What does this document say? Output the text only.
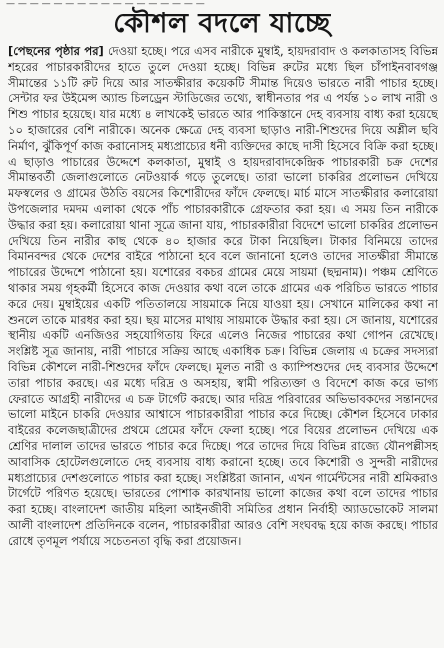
— — — — — — — — — — — — — — — — —
কৌশল বদলে যাচ্ছে

[পেছনের পৃষ্ঠার পর] দেওয়া হচ্ছে। পরে এসব নারীকে মুম্বাই, হায়দরাবাদ ও কলকাতাসহ বিভিন্ন শহরের পাচারকারীদের হাতে তুলে দেওয়া হচ্ছে। বিভিন্ন রুটের মধ্যে ছিল চাঁপাইনবাবগঞ্জ সীমান্তের ১১টি রুট দিয়ে আর সাতক্ষীরার কয়েকটি সীমান্ত দিয়েও ভারতে নারী পাচার হচ্ছে। সেন্টার ফর উইমেন্স অ্যান্ড চিলড্রেন স্টাডিজের তথ্যে, স্বাধীনতার পর এ পর্যন্ত ১০ লাখ নারী ও শিশু পাচার হয়েছে। যার মধ্যে ৪ লাখকেই ভারতে আর পাকিস্তানে দেহ ব্যবসায় বাধ্য করা হয়েছে ১০ হাজারের বেশি নারীকে। অনেক ক্ষেত্রে দেহ ব্যবসা ছাড়াও নারী-শিশুদের দিয়ে অশ্লীল ছবি নির্মাণ, ঝুঁকিপূর্ণ কাজ করানোসহ মধ্যপ্রাচ্যের ধনী ব্যক্তিদের কাছে দাসী হিসেবে বিক্রি করা হচ্ছে। এ ছাড়াও পাচারের উদ্দেশে কলকাতা, মুম্বাই ও হায়দরাবাদকেন্দ্রিক পাচারকারী চক্র দেশের সীমান্তবর্তী জেলাগুলোতে নেটওয়ার্ক গড়ে তুলেছে। তারা ভালো চাকরির প্রলোভন দেখিয়ে মফস্বলের ও গ্রামের উঠতি বয়সের কিশোরীদের ফাঁদে ফেলছে। মার্চ মাসে সাতক্ষীরার কলারোয়া উপজেলার দমদম এলাকা থেকে পাঁচ পাচারকারীকে গ্রেফতার করা হয়। এ সময় তিন নারীকে উদ্ধার করা হয়। কলারোয়া থানা সূত্রে জানা যায়, পাচারকারীরা বিদেশে ভালো চাকরির প্রলোভন দেখিয়ে তিন নারীর কাছ থেকে ৪০ হাজার করে টাকা নিয়েছিল। টাকার বিনিময়ে তাদের বিমানবন্দর থেকে দেশের বাইরে পাঠানো হবে বলে জানানো হলেও তাদের সাতক্ষীরা সীমান্তে পাচারের উদ্দেশে পাঠানো হয়। যশোরের বকচর গ্রামের মেয়ে সায়মা (ছদ্মনাম)। পঞ্চম শ্রেণিতে থাকার সময় গৃহকর্মী হিসেবে কাজ দেওয়ার কথা বলে তাকে গ্রামের এক পরিচিত ভারতে পাচার করে দেয়। মুম্বাইয়ের একটি পতিতালয়ে সায়মাকে নিয়ে যাওয়া হয়। সেখানে মালিকের কথা না শুনলে তাকে মারধর করা হয়। ছয় মাসের মাথায় সায়মাকে উদ্ধার করা হয়। সে জানায়, যশোরের স্থানীয় একটি এনজিওর সহযোগিতায় ফিরে এলেও নিজের পাচারের কথা গোপন রেখেছে। সংশ্লিষ্ট সূত্র জানায়, নারী পাচারে সক্রিয় আছে একাধিক চক্র। বিভিন্ন জেলায় এ চক্রের সদস্যরা বিভিন্ন কৌশলে নারী-শিশুদের ফাঁদে ফেলছে। মূলত নারী ও ক্যাম্পিশুদের দেহ ব্যবসার উদ্দেশে তারা পাচার করছে। এর মধ্যে দরিদ্র ও অসহায়, স্বামী পরিত্যক্তা ও বিদেশে কাজ করে ভাগ্য ফেরাতে আগ্রহী নারীদের এ চক্র টার্গেট করছে। আর দরিদ্র পরিবারের অভিভাবকদের সন্তানদের ভালো মাইনে চাকরি দেওয়ার আশ্বাসে পাচারকারীরা পাচার করে দিচ্ছে। কৌশল হিসেবে ঢাকার বাইরের কলেজছাত্রীদের প্রথমে প্রেমের ফাঁদে ফেলা হচ্ছে। পরে বিয়ের প্রলোভন দেখিয়ে এক শ্রেণির দালাল তাদের ভারতে পাচার করে দিচ্ছে। পরে তাদের দিয়ে বিভিন্ন রাজ্যে যৌনপল্লীসহ আবাসিক হোটেলগুলোতে দেহ ব্যবসায় বাধ্য করানো হচ্ছে। তবে কিশোরী ও সুন্দরী নারীদের মধ্যপ্রাচ্যের দেশগুলোতে পাচার করা হচ্ছে। সংশ্লিষ্টরা জানান, এখন গার্মেন্টসের নারী শ্রমিকরাও টার্গেটে পরিণত হয়েছে। ভারতের পোশাক কারখানায় ভালো কাজের কথা বলে তাদের পাচার করা হচ্ছে। বাংলাদেশ জাতীয় মহিলা আইনজীবী সমিতির প্রধান নির্বাহী অ্যাডভোকেট সালমা আলী বাংলাদেশ প্রতিদিনকে বলেন, পাচারকারীরা আরও বেশি সংঘবদ্ধ হয়ে কাজ করছে। পাচার রোধে তৃণমূল পর্যায়ে সচেতনতা বৃদ্ধি করা প্রয়োজন।
